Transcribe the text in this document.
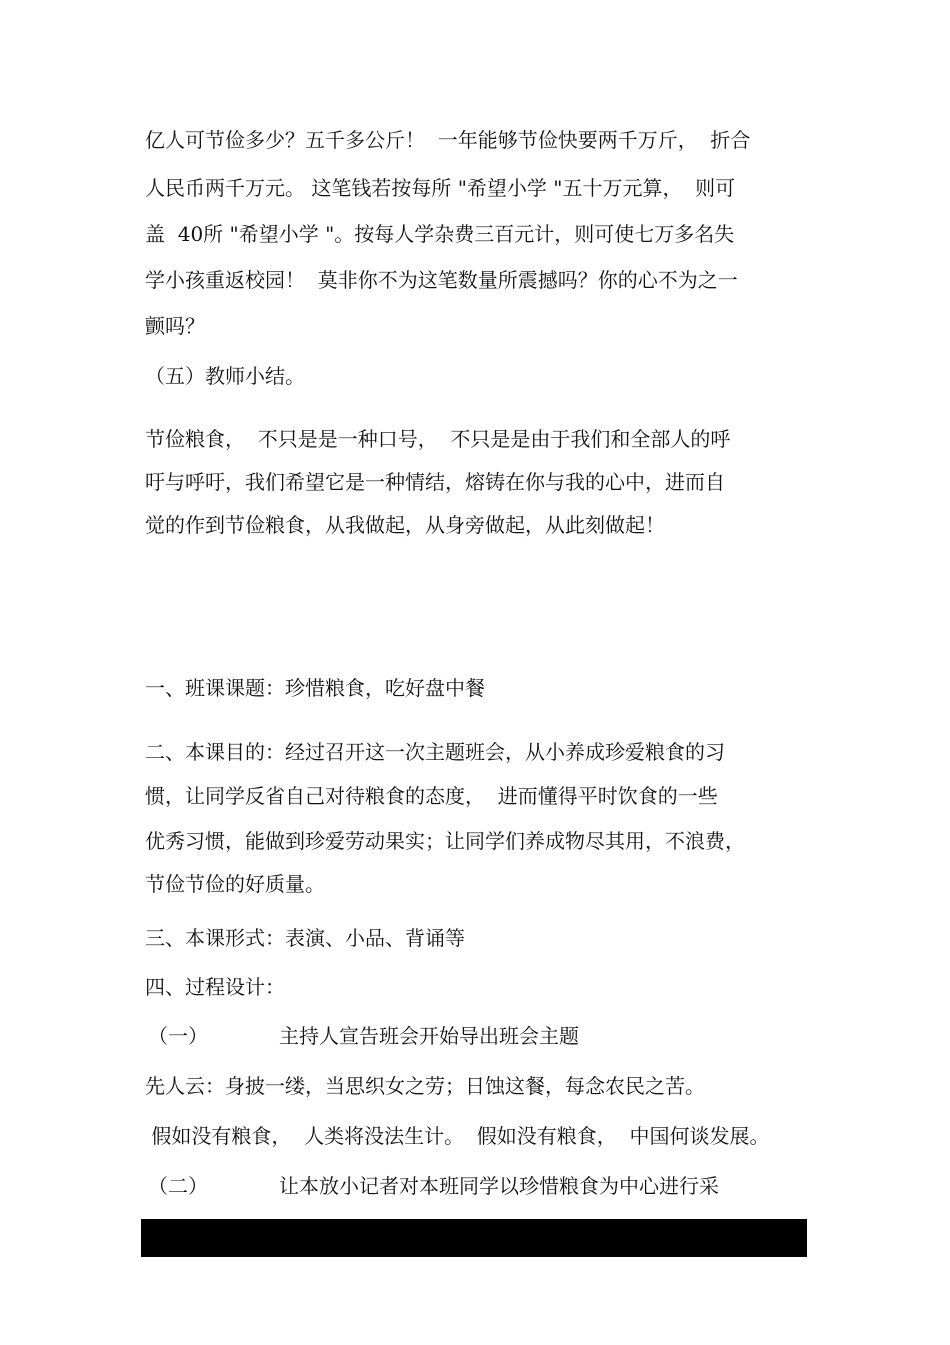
亿人可节俭多少？五千多公斤！  一年能够节俭快要两千万斤，  折合

人民币两千万元。 这笔钱若按每所 "希望小学 "五十万元算，  则可

盖  40所 "希望小学 "。按每人学杂费三百元计，则可使七万多名失

学小孩重返校园！  莫非你不为这笔数量所震撼吗？你的心不为之一

颤吗？

（五）教师小结。

节俭粮食，  不只是是一种口号，  不只是是由于我们和全部人的呼

吁与呼吁，我们希望它是一种情结，熔铸在你与我的心中，进而自

觉的作到节俭粮食，从我做起，从身旁做起，从此刻做起！

一、班课课题：珍惜粮食，吃好盘中餐

二、本课目的：经过召开这一次主题班会，从小养成珍爱粮食的习

惯，让同学反省自己对待粮食的态度，  进而懂得平时饮食的一些

优秀习惯，能做到珍爱劳动果实；让同学们养成物尽其用，不浪费，

节俭节俭的好质量。

三、本课形式：表演、小品、背诵等

四、过程设计：

（一）	主持人宣告班会开始导出班会主题

先人云：身披一缕，当思织女之劳；日蚀这餐，每念农民之苦。

假如没有粮食，  人类将没法生计。  假如没有粮食，  中国何谈发展。

（二）	让本放小记者对本班同学以珍惜粮食为中心进行采
